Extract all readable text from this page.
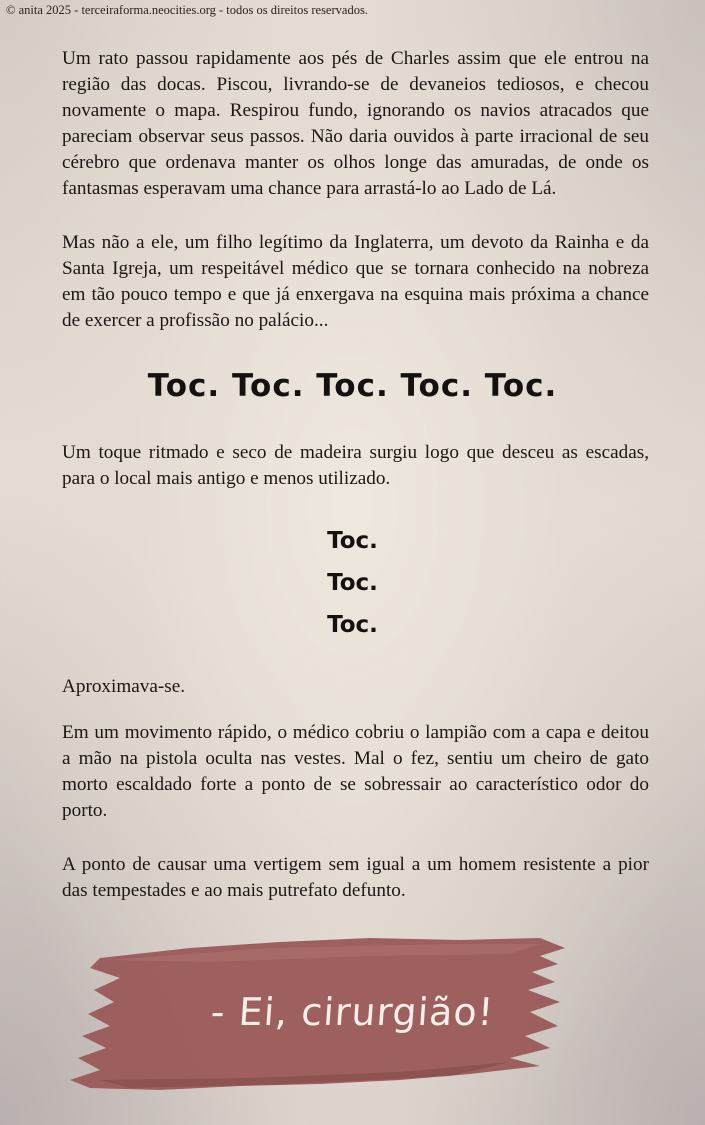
© anita 2025 - terceiraforma.neocities.org - todos os direitos reservados.

Um rato passou rapidamente aos pés de Charles assim que ele entrou na região das docas. Piscou, livrando-se de devaneios tediosos, e checou novamente o mapa. Respirou fundo, ignorando os navios atracados que pareciam observar seus passos. Não daria ouvidos à parte irracional de seu cérebro que ordenava manter os olhos longe das amuradas, de onde os fantasmas esperavam uma chance para arrastá-lo ao Lado de Lá.

Mas não a ele, um filho legítimo da Inglaterra, um devoto da Rainha e da Santa Igreja, um respeitável médico que se tornara conhecido na nobreza em tão pouco tempo e que já enxergava na esquina mais próxima a chance de exercer a profissão no palácio...

Toc. Toc. Toc. Toc. Toc.

Um toque ritmado e seco de madeira surgiu logo que desceu as escadas, para o local mais antigo e menos utilizado.

Toc.
Toc.
Toc.

Aproximava-se.

Em um movimento rápido, o médico cobriu o lampião com a capa e deitou a mão na pistola oculta nas vestes. Mal o fez, sentiu um cheiro de gato morto escaldado forte a ponto de se sobressair ao característico odor do porto.

A ponto de causar uma vertigem sem igual a um homem resistente a pior das tempestades e ao mais putrefato defunto.

- Ei, cirurgião!
